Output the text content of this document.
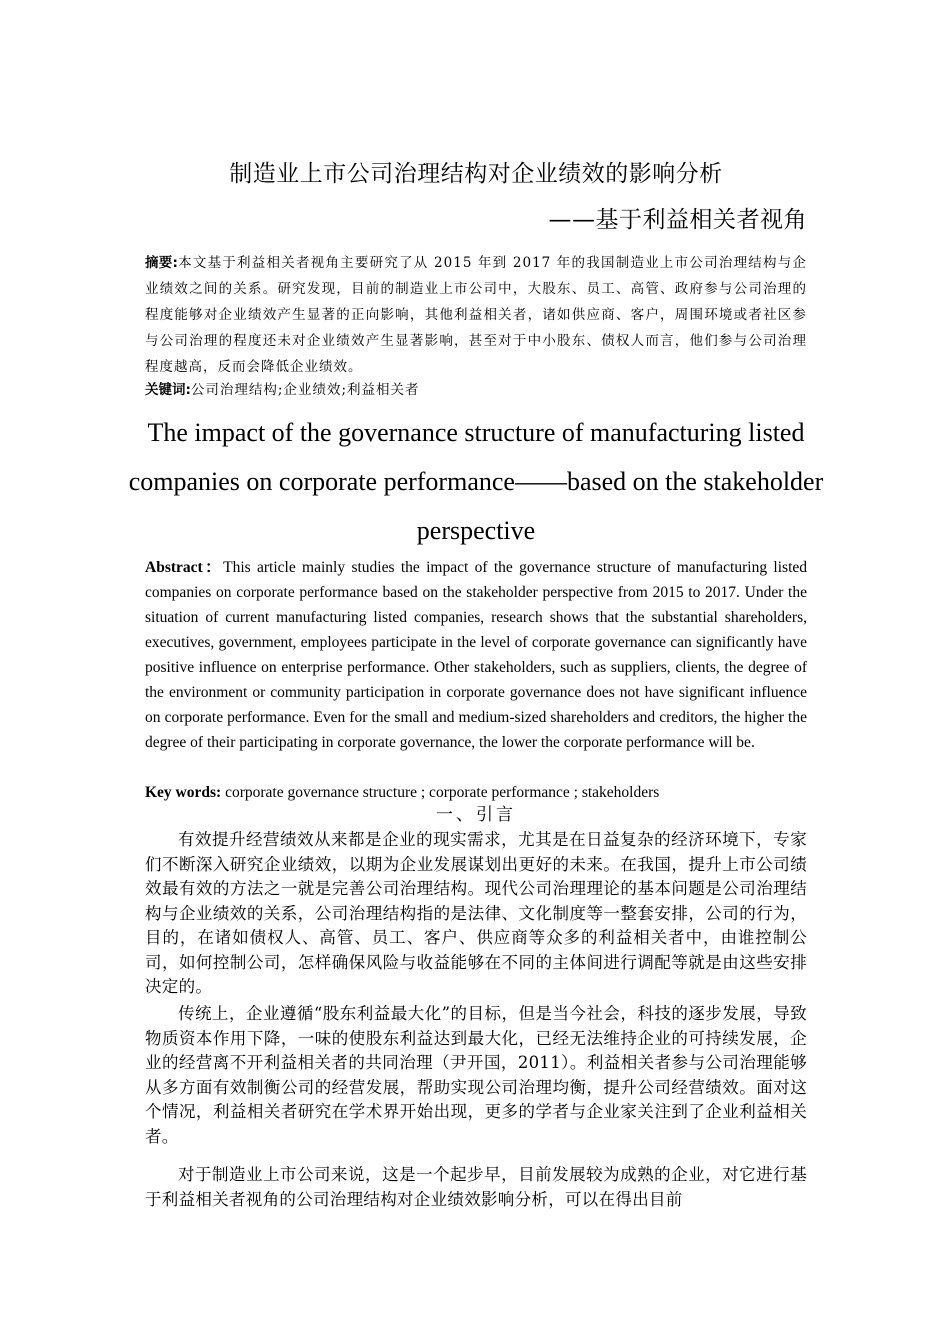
制造业上市公司治理结构对企业绩效的影响分析
——基于利益相关者视角
摘要:本文基于利益相关者视角主要研究了从 2015 年到 2017 年的我国制造业上市公司治理结构与企业绩效之间的关系。研究发现，目前的制造业上市公司中，大股东、员工、高管、政府参与公司治理的程度能够对企业绩效产生显著的正向影响，其他利益相关者，诸如供应商、客户，周围环境或者社区参与公司治理的程度还未对企业绩效产生显著影响，甚至对于中小股东、债权人而言，他们参与公司治理程度越高，反而会降低企业绩效。
关键词:公司治理结构;企业绩效;利益相关者
The impact of the governance structure of manufacturing listed companies on corporate performance——based on the stakeholder perspective
Abstract：This article mainly studies the impact of the governance structure of manufacturing listed companies on corporate performance based on the stakeholder perspective from 2015 to 2017. Under the situation of current manufacturing listed companies, research shows that the substantial shareholders, executives, government, employees participate in the level of corporate governance can significantly have positive influence on enterprise performance. Other stakeholders, such as suppliers, clients, the degree of the environment or community participation in corporate governance does not have significant influence on corporate performance. Even for the small and medium-sized shareholders and creditors, the higher the degree of their participating in corporate governance, the lower the corporate performance will be.
Key words: corporate governance structure ; corporate performance ; stakeholders
一、引言

有效提升经营绩效从来都是企业的现实需求，尤其是在日益复杂的经济环境下，专家们不断深入研究企业绩效，以期为企业发展谋划出更好的未来。在我国，提升上市公司绩效最有效的方法之一就是完善公司治理结构。现代公司治理理论的基本问题是公司治理结构与企业绩效的关系，公司治理结构指的是法律、文化制度等一整套安排，公司的行为，目的，在诸如债权人、高管、员工、客户、供应商等众多的利益相关者中，由谁控制公司，如何控制公司，怎样确保风险与收益能够在不同的主体间进行调配等就是由这些安排决定的。

传统上，企业遵循“股东利益最大化”的目标，但是当今社会，科技的逐步发展，导致物质资本作用下降，一味的使股东利益达到最大化，已经无法维持企业的可持续发展，企业的经营离不开利益相关者的共同治理（尹开国，2011）。利益相关者参与公司治理能够从多方面有效制衡公司的经营发展，帮助实现公司治理均衡，提升公司经营绩效。面对这个情况，利益相关者研究在学术界开始出现，更多的学者与企业家关注到了企业利益相关者。

对于制造业上市公司来说，这是一个起步早，目前发展较为成熟的企业，对它进行基于利益相关者视角的公司治理结构对企业绩效影响分析，可以在得出目前
